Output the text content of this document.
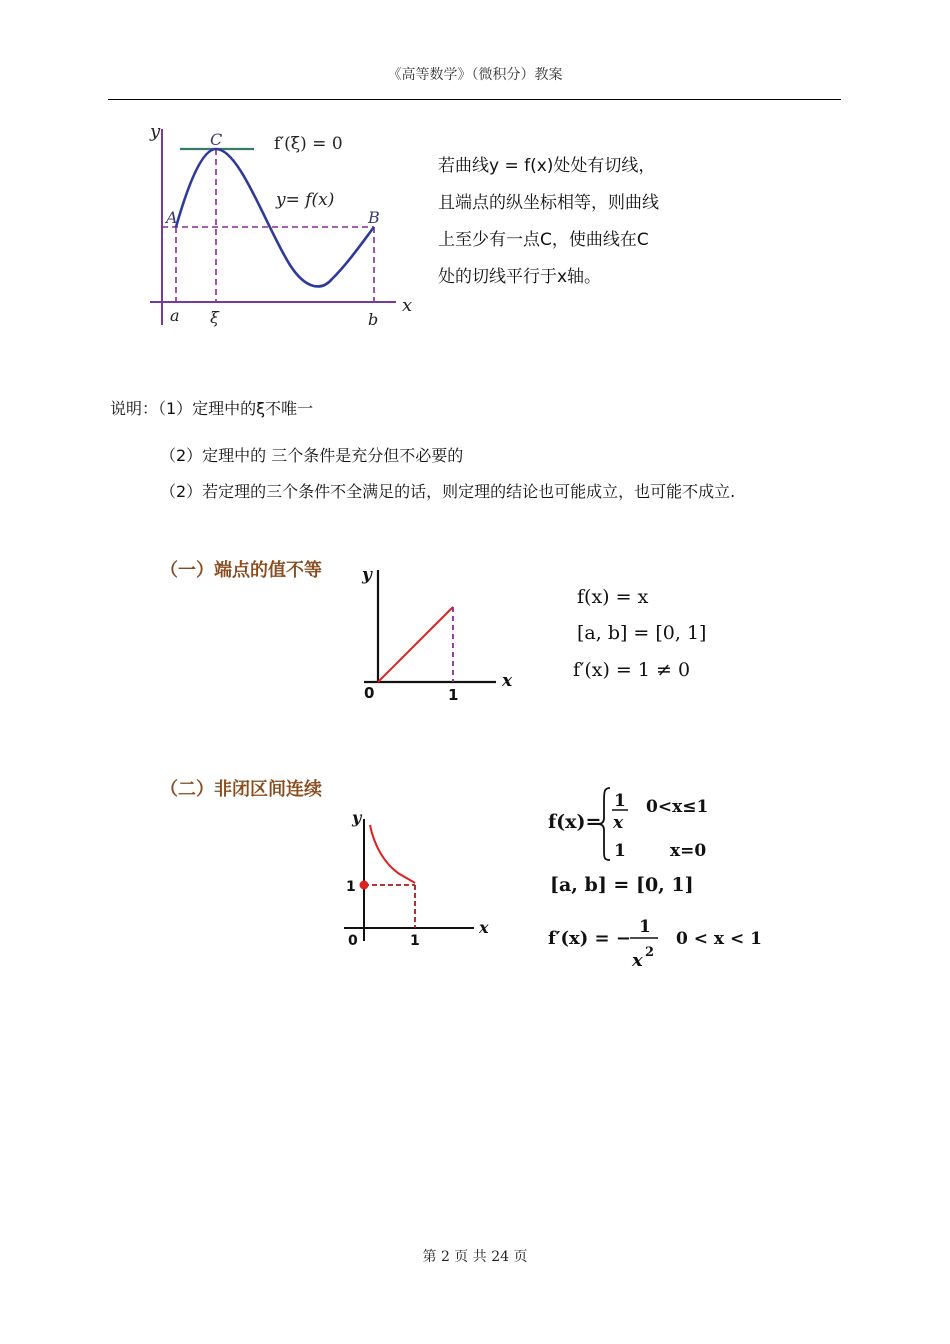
《高等数学》（微积分）教案
y
x
C
A	B
a ξ	b
f′(ξ) = 0
y= f(x)

若曲线y = f(x)处处有切线，

且端点的纵坐标相等，则曲线

上至少有一点C，使曲线在C

处的切线平行于x轴。

说明：（1）定理中的ξ不唯一
（2）定理中的 三个条件是充分但不必要的
（2）若定理的三个条件不全满足的话，则定理的结论也可能成立，也可能不成立.
（一）端点的值不等 y
x
0	1
f(x) = x
[a, b] = [0, 1]
f′(x) = 1 ≠ 0
（二）非闭区间连续
y
x
0	1
1
f(x)=
1
x
0<x≤1
1	x=0
[a, b] = [0, 1]
f′(x) = −
1
x 2
0 < x < 1
第 2 页 共 24 页
